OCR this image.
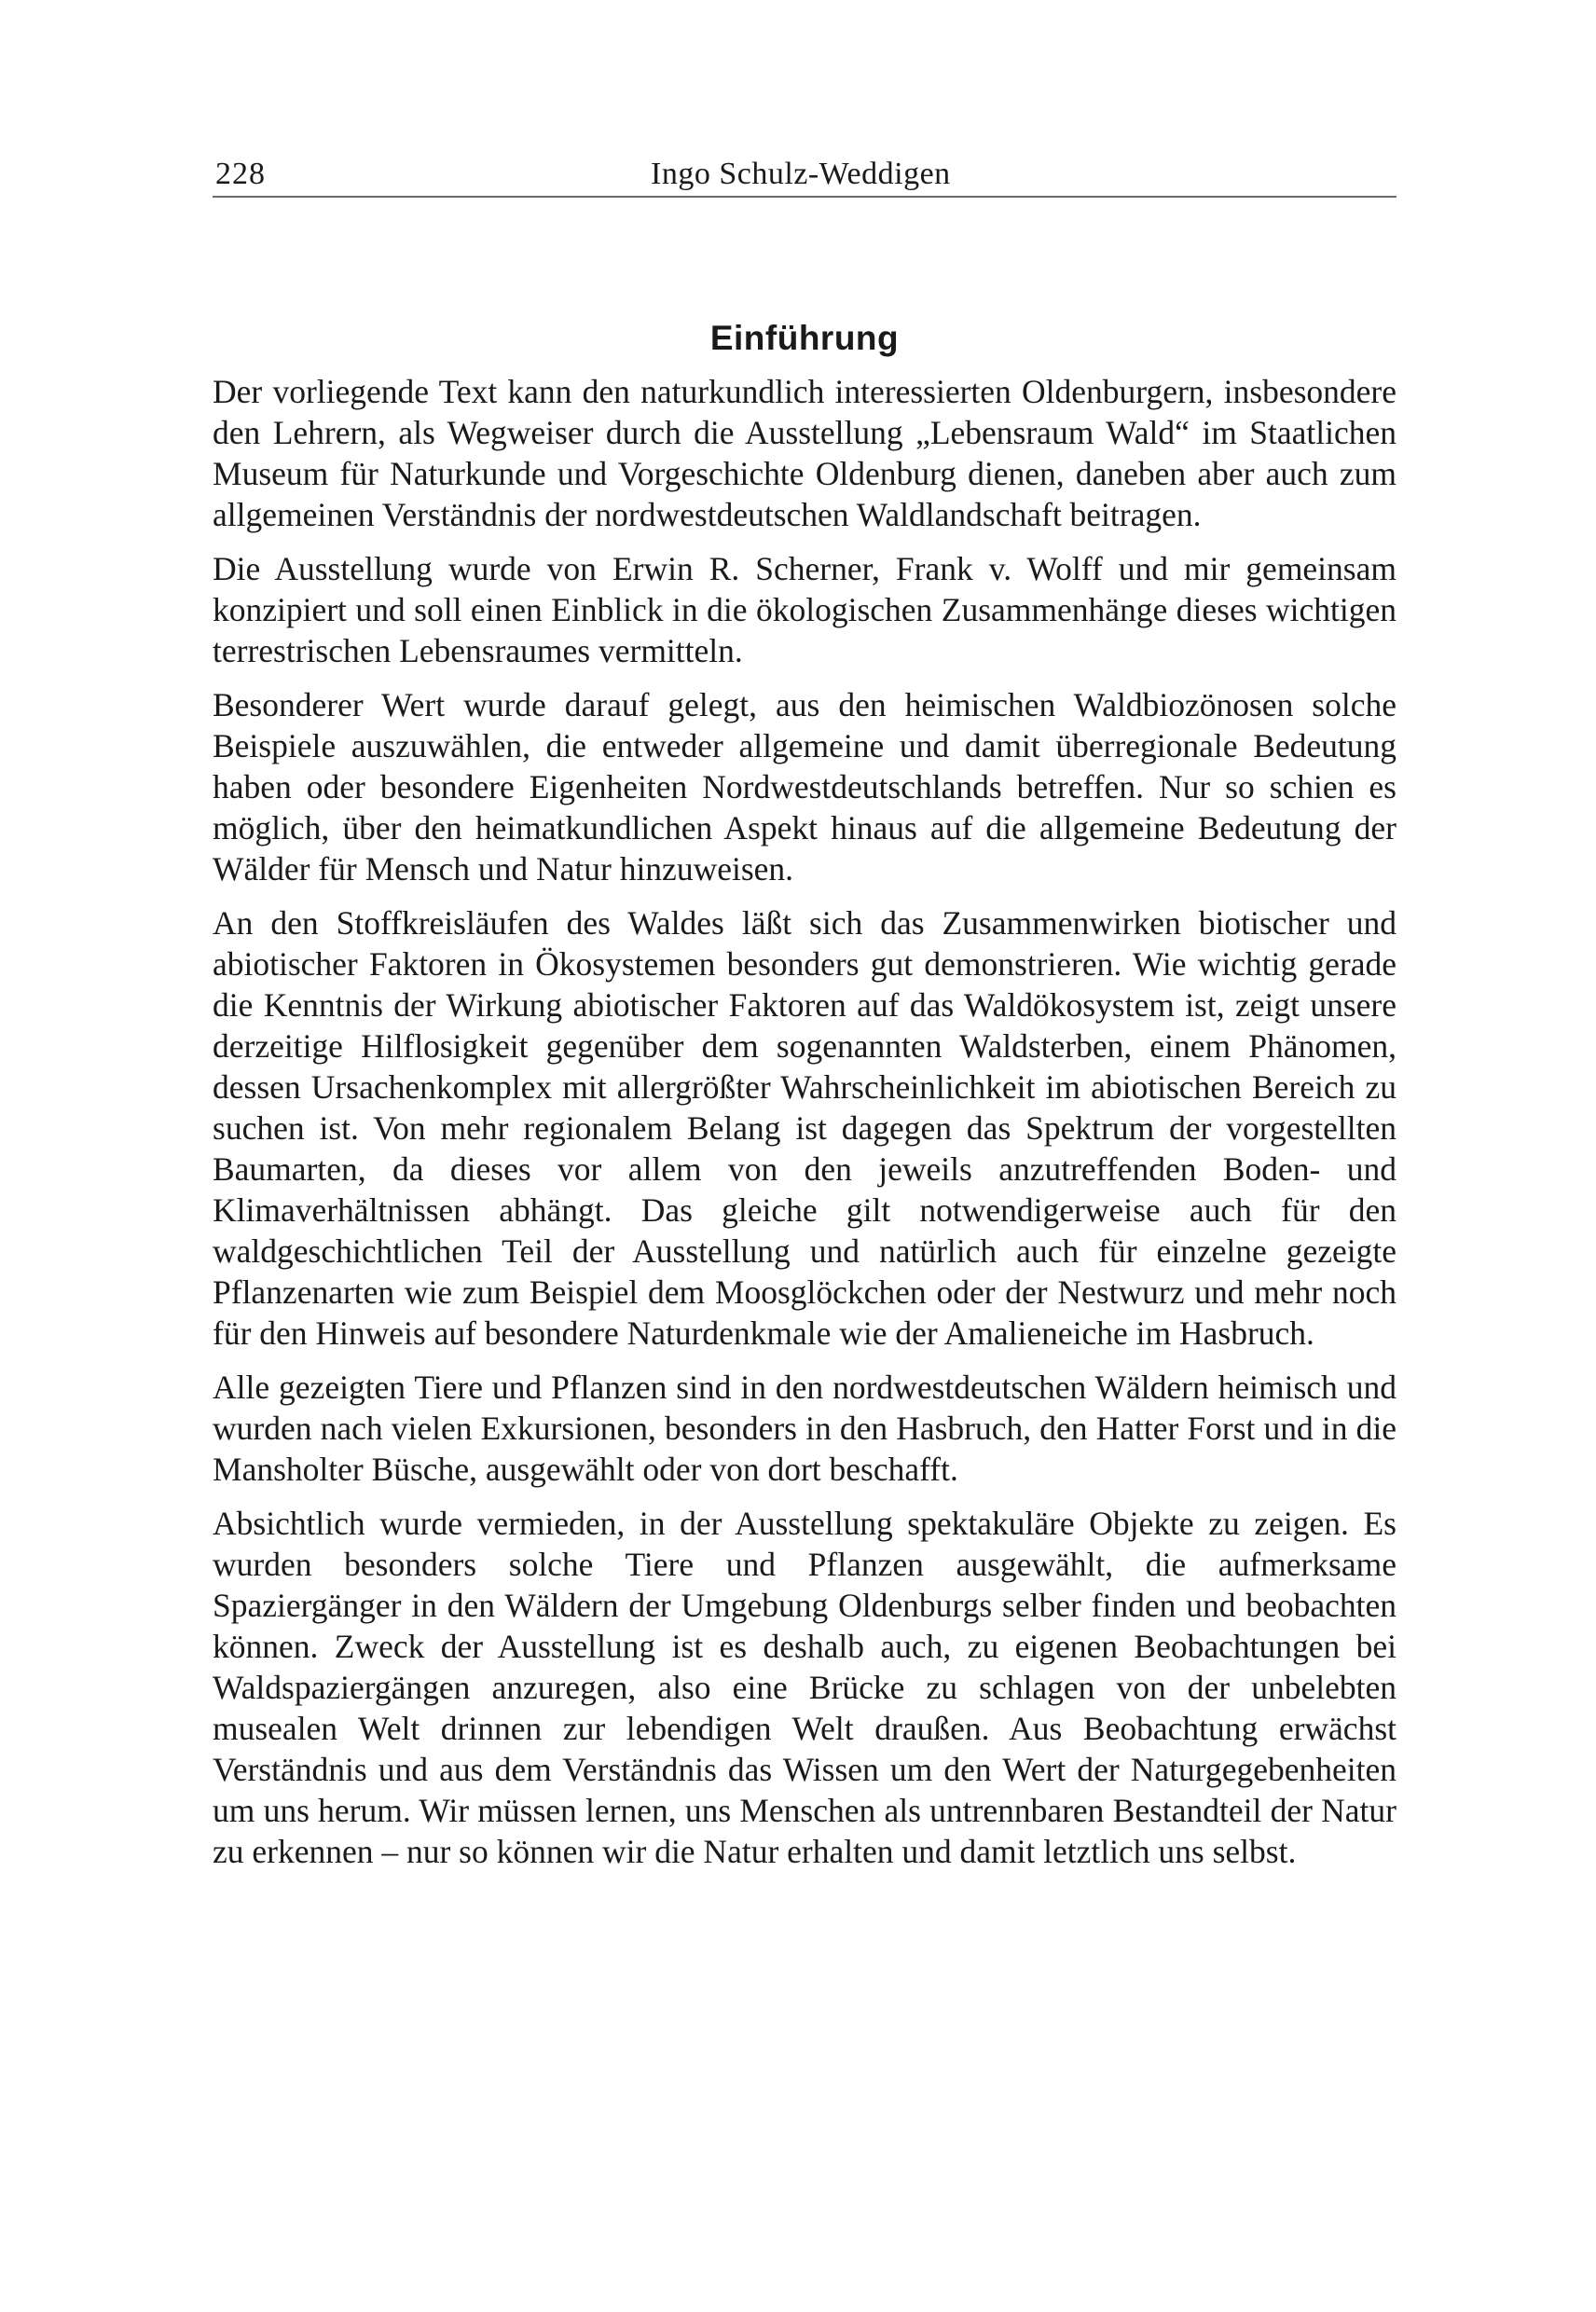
228	Ingo Schulz-Weddigen
Einführung

Der vorliegende Text kann den naturkundlich interessierten Oldenburgern, insbesondere den Lehrern, als Wegweiser durch die Ausstellung „Lebensraum Wald“ im Staatlichen Museum für Naturkunde und Vorgeschichte Oldenburg dienen, daneben aber auch zum allgemeinen Verständnis der nordwestdeutschen Waldlandschaft beitragen.

Die Ausstellung wurde von Erwin R. Scherner, Frank v. Wolff und mir gemeinsam konzipiert und soll einen Einblick in die ökologischen Zusammenhänge dieses wichtigen terrestrischen Lebensraumes vermitteln.

Besonderer Wert wurde darauf gelegt, aus den heimischen Waldbiozönosen solche Beispiele auszuwählen, die entweder allgemeine und damit überregionale Bedeutung haben oder besondere Eigenheiten Nordwestdeutschlands betreffen. Nur so schien es möglich, über den heimatkundlichen Aspekt hinaus auf die allgemeine Bedeutung der Wälder für Mensch und Natur hinzuweisen.

An den Stoffkreisläufen des Waldes läßt sich das Zusammenwirken biotischer und abiotischer Faktoren in Ökosystemen besonders gut demonstrieren. Wie wichtig gerade die Kenntnis der Wirkung abiotischer Faktoren auf das Waldökosystem ist, zeigt unsere derzeitige Hilflosigkeit gegenüber dem sogenannten Waldsterben, einem Phänomen, dessen Ursachenkomplex mit allergrößter Wahrscheinlichkeit im abiotischen Bereich zu suchen ist. Von mehr regionalem Belang ist dagegen das Spektrum der vorgestellten Baumarten, da dieses vor allem von den jeweils anzutreffenden Boden- und Klimaverhältnissen abhängt. Das gleiche gilt notwendigerweise auch für den waldgeschichtlichen Teil der Ausstellung und natürlich auch für einzelne gezeigte Pflanzenarten wie zum Beispiel dem Moosglöckchen oder der Nestwurz und mehr noch für den Hinweis auf besondere Naturdenkmale wie der Amalieneiche im Hasbruch.

Alle gezeigten Tiere und Pflanzen sind in den nordwestdeutschen Wäldern heimisch und wurden nach vielen Exkursionen, besonders in den Hasbruch, den Hatter Forst und in die Mansholter Büsche, ausgewählt oder von dort beschafft.

Absichtlich wurde vermieden, in der Ausstellung spektakuläre Objekte zu zeigen. Es wurden besonders solche Tiere und Pflanzen ausgewählt, die aufmerksame Spaziergänger in den Wäldern der Umgebung Oldenburgs selber finden und beobachten können. Zweck der Ausstellung ist es deshalb auch, zu eigenen Beobachtungen bei Waldspaziergängen anzuregen, also eine Brücke zu schlagen von der unbelebten musealen Welt drinnen zur lebendigen Welt draußen. Aus Beobachtung erwächst Verständnis und aus dem Verständnis das Wissen um den Wert der Naturgegebenheiten um uns herum. Wir müssen lernen, uns Menschen als untrennbaren Bestandteil der Natur zu erkennen – nur so können wir die Natur erhalten und damit letztlich uns selbst.
